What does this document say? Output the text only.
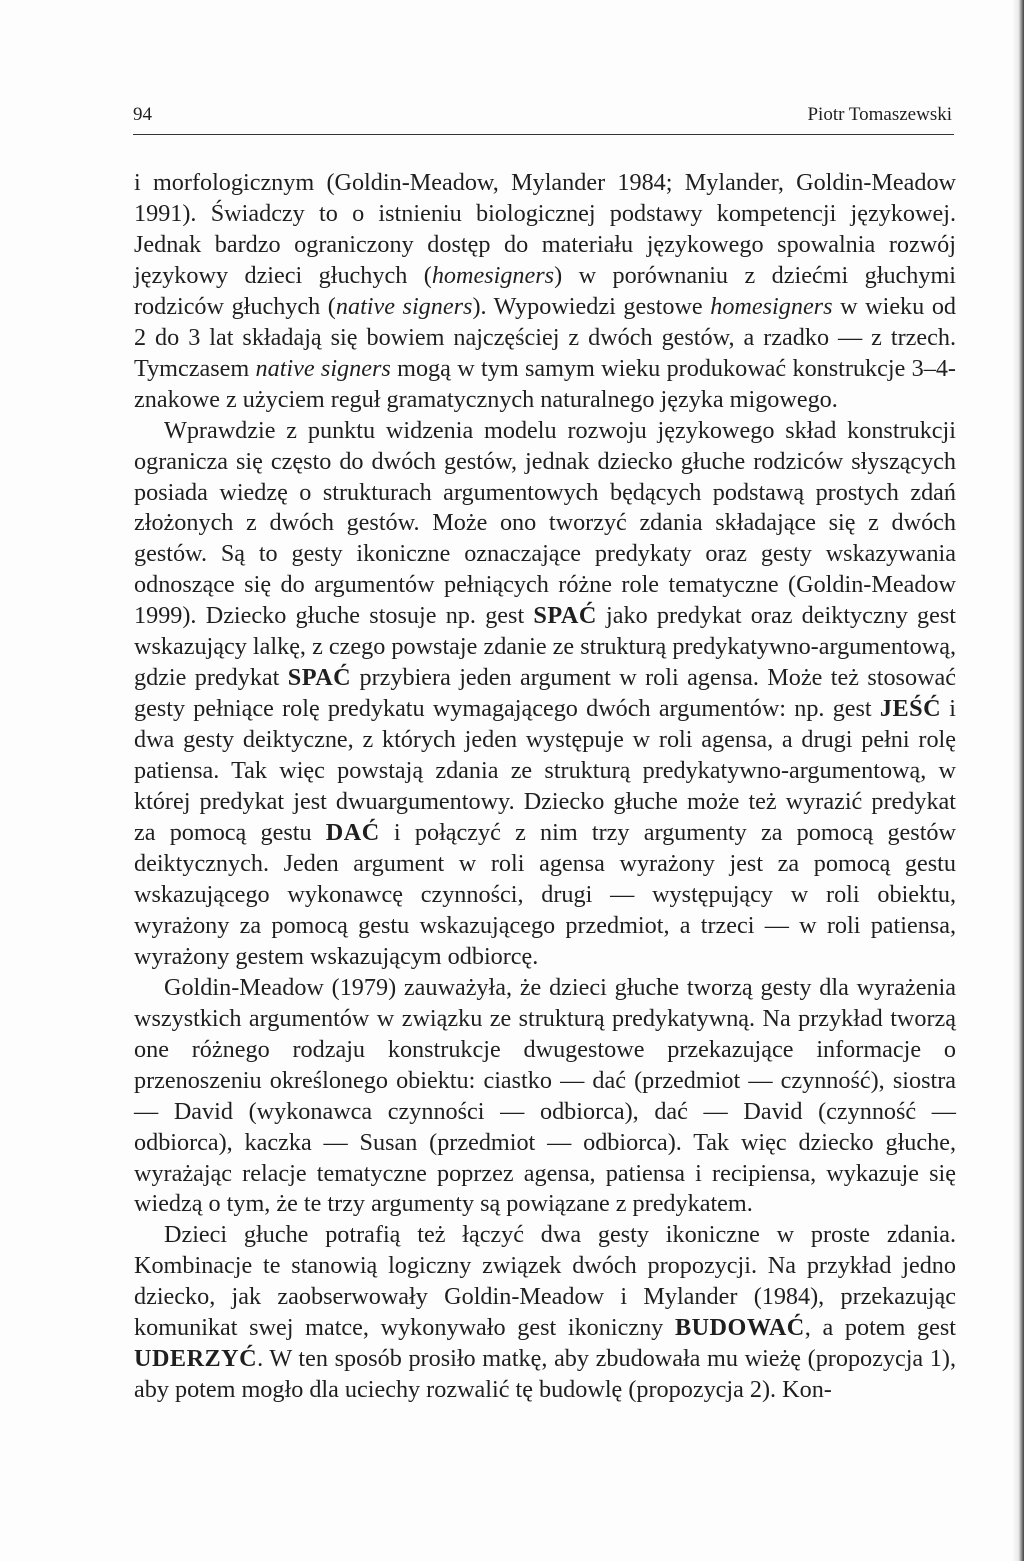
94	Piotr Tomaszewski

i morfologicznym (Goldin-Meadow, Mylander 1984; Mylander, Goldin-Meadow 1991). Świadczy to o istnieniu biologicznej podstawy kompetencji językowej. Jednak bardzo ograniczony dostęp do materiału językowego spowalnia rozwój językowy dzieci głuchych (homesigners) w porównaniu z dziećmi głuchymi rodziców głuchych (native signers). Wypowiedzi gestowe homesigners w wieku od 2 do 3 lat składają się bowiem najczęściej z dwóch gestów, a rzadko — z trzech. Tymczasem native signers mogą w tym samym wieku produkować konstrukcje 3–4-znakowe z użyciem reguł gramatycznych naturalnego języka migowego.

Wprawdzie z punktu widzenia modelu rozwoju językowego skład konstrukcji ogranicza się często do dwóch gestów, jednak dziecko głuche rodziców słyszących posiada wiedzę o strukturach argumentowych będących podstawą prostych zdań złożonych z dwóch gestów. Może ono tworzyć zdania składające się z dwóch gestów. Są to gesty ikoniczne oznaczające predykaty oraz gesty wskazywania odnoszące się do argumentów pełniących różne role tematyczne (Goldin-Meadow 1999). Dziecko głuche stosuje np. gest SPAĆ jako predykat oraz deiktyczny gest wskazujący lalkę, z czego powstaje zdanie ze strukturą predykatywno-argumentową, gdzie predykat SPAĆ przybiera jeden argument w roli agensa. Może też stosować gesty pełniące rolę predykatu wymagającego dwóch argumentów: np. gest JEŚĆ i dwa gesty deiktyczne, z których jeden występuje w roli agensa, a drugi pełni rolę patiensa. Tak więc powstają zdania ze strukturą predykatywno-argumentową, w której predykat jest dwuargumentowy. Dziecko głuche może też wyrazić predykat za pomocą gestu DAĆ i połączyć z nim trzy argumenty za pomocą gestów deiktycznych. Jeden argument w roli agensa wyrażony jest za pomocą gestu wskazującego wykonawcę czynności, drugi — występujący w roli obiektu, wyrażony za pomocą gestu wskazującego przedmiot, a trzeci — w roli patiensa, wyrażony gestem wskazującym odbiorcę.

Goldin-Meadow (1979) zauważyła, że dzieci głuche tworzą gesty dla wyrażenia wszystkich argumentów w związku ze strukturą predykatywną. Na przykład tworzą one różnego rodzaju konstrukcje dwugestowe przekazujące informacje o przenoszeniu określonego obiektu: ciastko — dać (przedmiot — czynność), siostra — David (wykonawca czynności — odbiorca), dać — David (czynność — odbiorca), kaczka — Susan (przedmiot — odbiorca). Tak więc dziecko głuche, wyrażając relacje tematyczne poprzez agensa, patiensa i recipiensa, wykazuje się wiedzą o tym, że te trzy argumenty są powiązane z predykatem.

Dzieci głuche potrafią też łączyć dwa gesty ikoniczne w proste zdania. Kombinacje te stanowią logiczny związek dwóch propozycji. Na przykład jedno dziecko, jak zaobserwowały Goldin-Meadow i Mylander (1984), przekazując komunikat swej matce, wykonywało gest ikoniczny BUDOWAĆ, a potem gest UDERZYĆ. W ten sposób prosiło matkę, aby zbudowała mu wieżę (propozycja 1), aby potem mogło dla uciechy rozwalić tę budowlę (propozycja 2). Kon-
